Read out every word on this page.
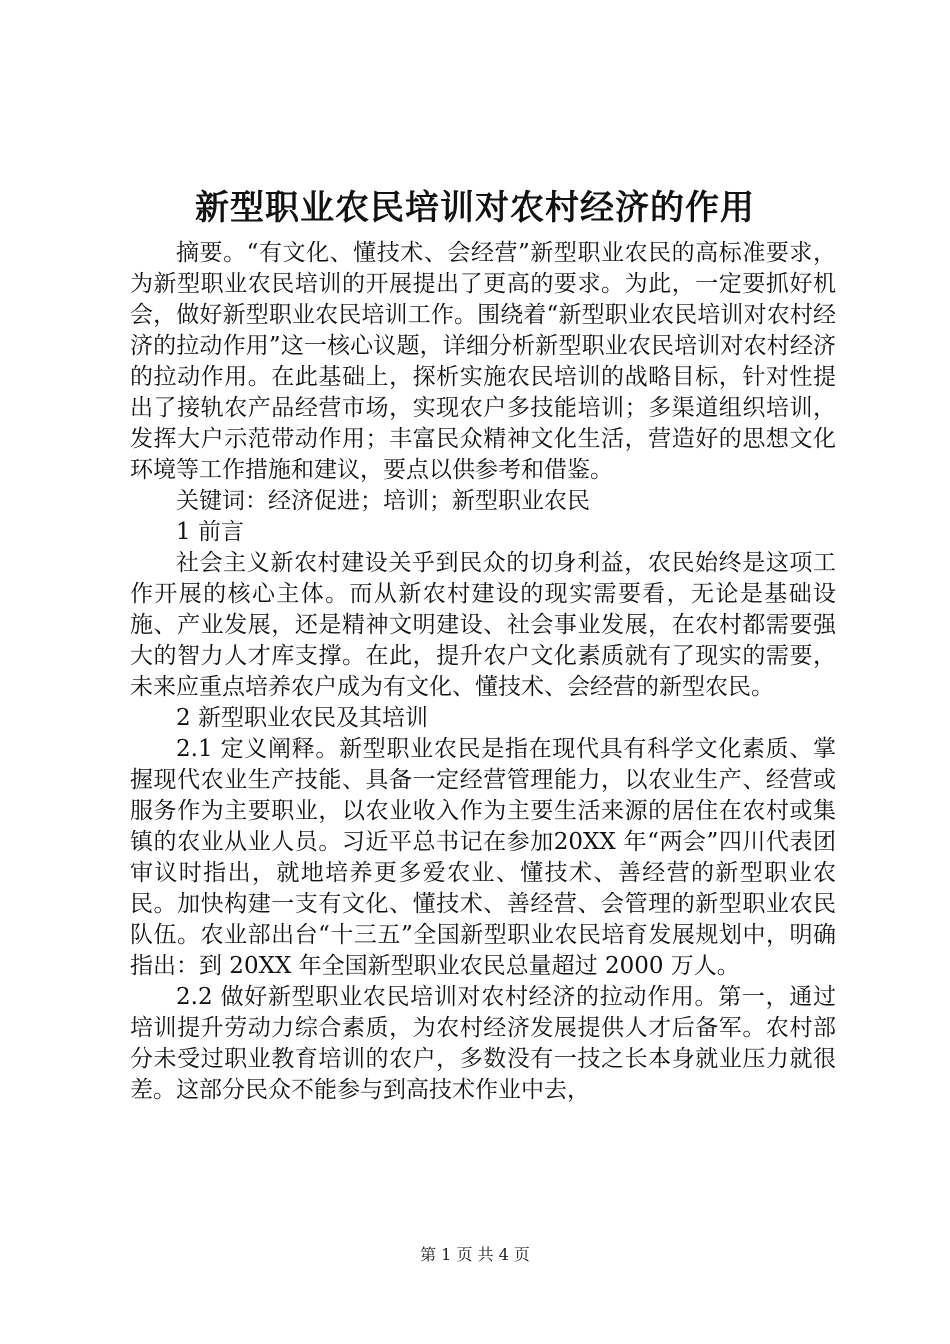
新型职业农民培训对农村经济的作用

摘要。“有文化、懂技术、会经营”新型职业农民的高标准要求，为新型职业农民培训的开展提出了更高的要求。为此，一定要抓好机会，做好新型职业农民培训工作。围绕着“新型职业农民培训对农村经济的拉动作用”这一核心议题，详细分析新型职业农民培训对农村经济的拉动作用。在此基础上，探析实施农民培训的战略目标，针对性提出了接轨农产品经营市场，实现农户多技能培训；多渠道组织培训，发挥大户示范带动作用；丰富民众精神文化生活，营造好的思想文化环境等工作措施和建议，要点以供参考和借鉴。

关键词：经济促进；培训；新型职业农民

1 前言

社会主义新农村建设关乎到民众的切身利益，农民始终是这项工作开展的核心主体。而从新农村建设的现实需要看，无论是基础设施、产业发展，还是精神文明建设、社会事业发展，在农村都需要强大的智力人才库支撑。在此，提升农户文化素质就有了现实的需要，未来应重点培养农户成为有文化、懂技术、会经营的新型农民。

2 新型职业农民及其培训

2.1 定义阐释。新型职业农民是指在现代具有科学文化素质、掌握现代农业生产技能、具备一定经营管理能力，以农业生产、经营或服务作为主要职业，以农业收入作为主要生活来源的居住在农村或集镇的农业从业人员。习近平总书记在参加20XX 年“两会”四川代表团审议时指出，就地培养更多爱农业、懂技术、善经营的新型职业农民。加快构建一支有文化、懂技术、善经营、会管理的新型职业农民队伍。农业部出台“十三五”全国新型职业农民培育发展规划中，明确指出：到 20XX 年全国新型职业农民总量超过 2000 万人。

2.2 做好新型职业农民培训对农村经济的拉动作用。第一，通过培训提升劳动力综合素质，为农村经济发展提供人才后备军。农村部分未受过职业教育培训的农户，多数没有一技之长本身就业压力就很差。这部分民众不能参与到高技术作业中去，

第 1 页 共 4 页
